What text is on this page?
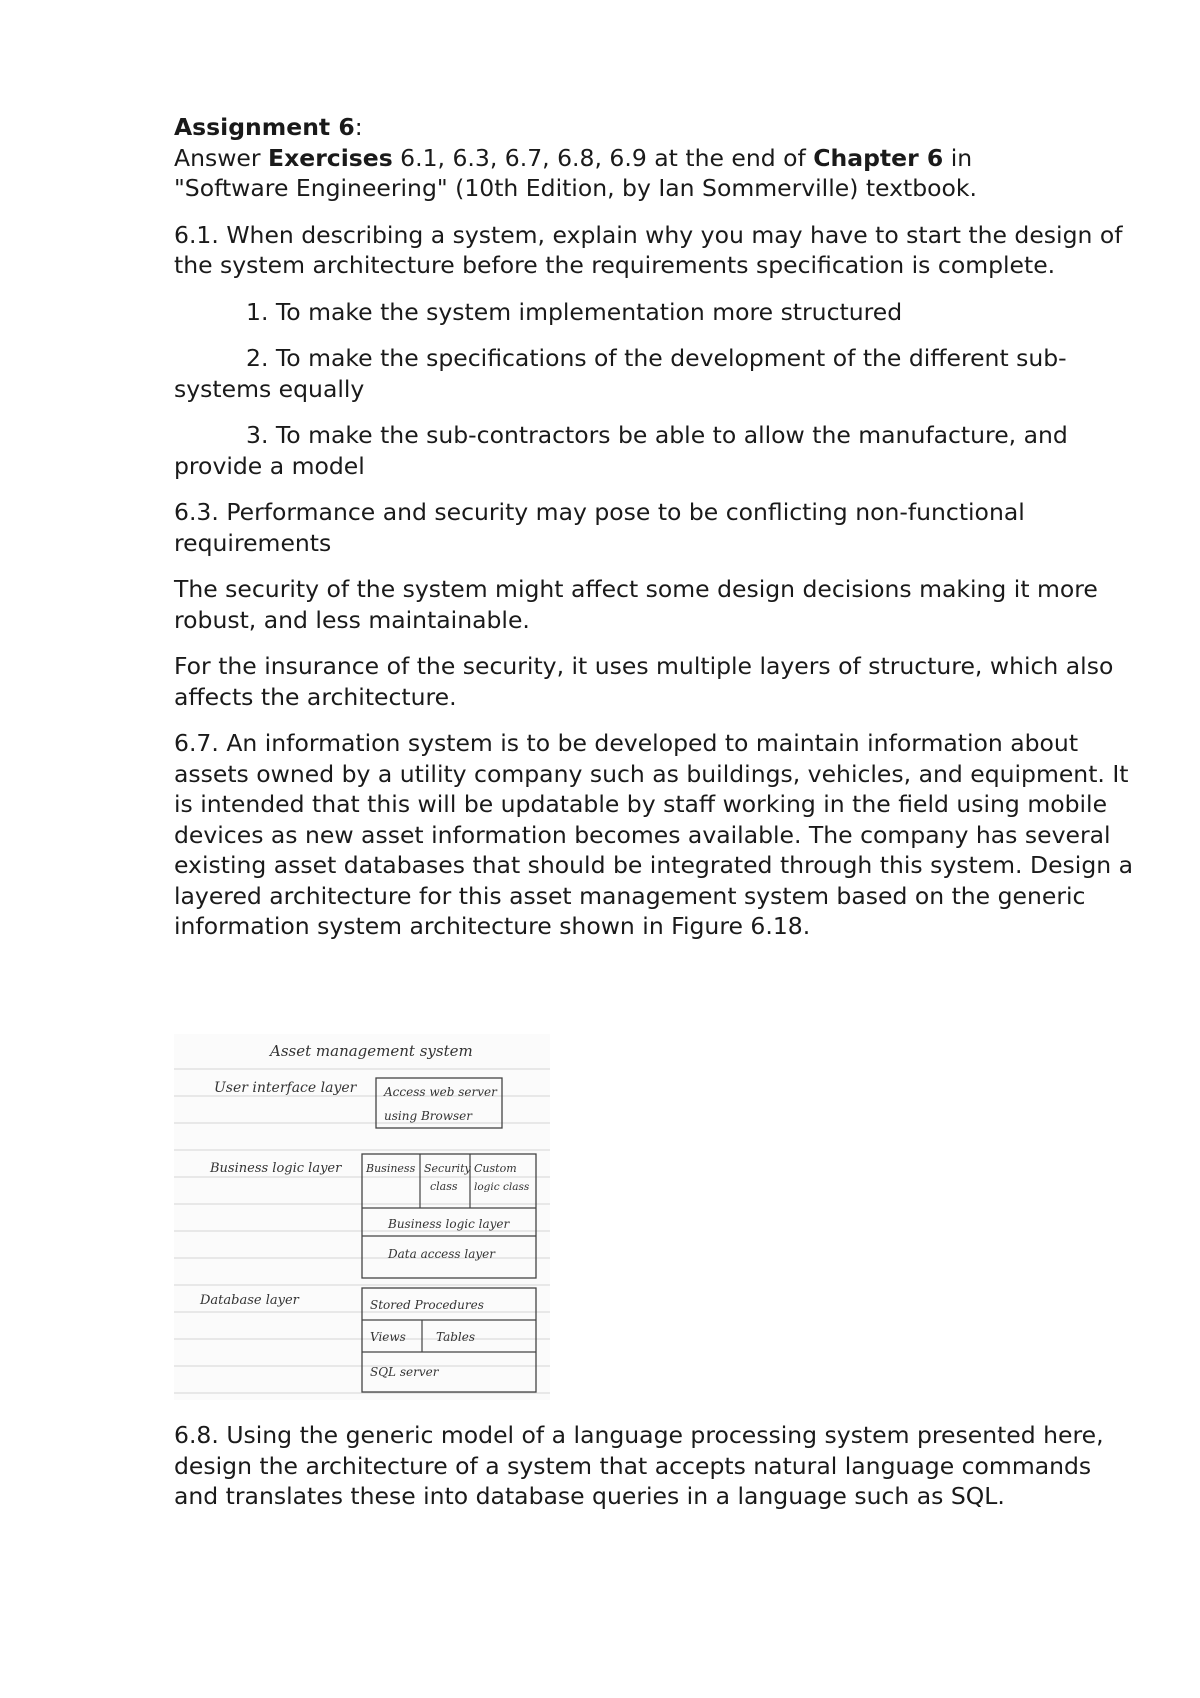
Assignment 6:

Answer Exercises 6.1, 6.3, 6.7, 6.8, 6.9 at the end of Chapter 6 in

"Software Engineering" (10th Edition, by Ian Sommerville) textbook.

6.1. When describing a system, explain why you may have to start the design of the system architecture before the requirements specification is complete.

1. To make the system implementation more structured

2. To make the specifications of the development of the different sub-systems equally

3. To make the sub-contractors be able to allow the manufacture, and provide a model

6.3. Performance and security may pose to be conflicting non-functional requirements

The security of the system might affect some design decisions making it more robust, and less maintainable.

For the insurance of the security, it uses multiple layers of structure, which also affects the architecture.

6.7. An information system is to be developed to maintain information about assets owned by a utility company such as buildings, vehicles, and equipment. It is intended that this will be updatable by staff working in the field using mobile devices as new asset information becomes available. The company has several existing asset databases that should be integrated through this system. Design a layered architecture for this asset management system based on the generic information system architecture shown in Figure 6.18.

Asset management system
User interface layer Access web server
using Browser
Business logic layer Business Security
class
Custom
logic class
Business logic layer
Data access layer
Database layer	Stored Procedures
Views	Tables
SQL server

6.8. Using the generic model of a language processing system presented here, design the architecture of a system that accepts natural language commands and translates these into database queries in a language such as SQL.
